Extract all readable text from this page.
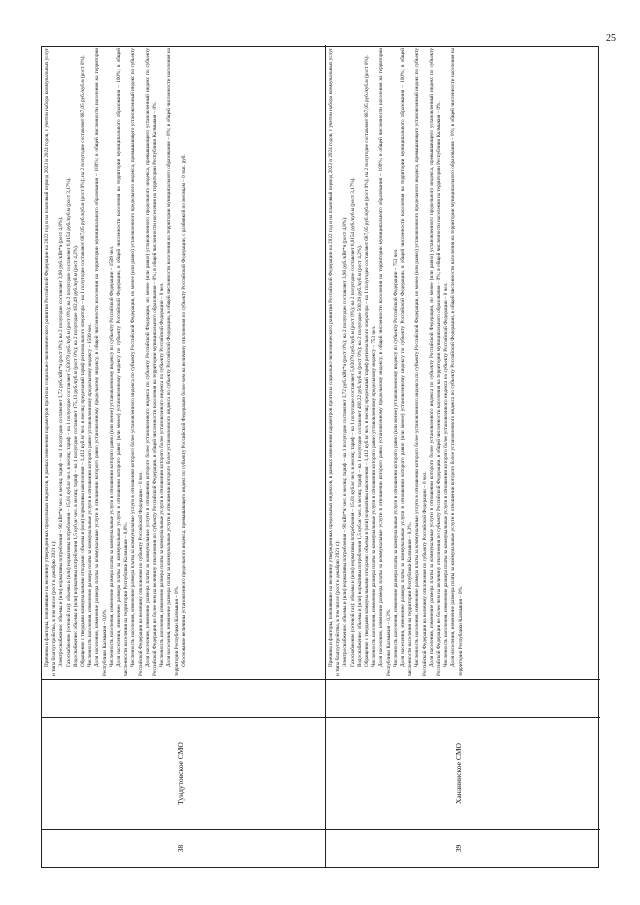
25
38
Тундутовское СМО

Причины и факторы, повлиявшие на величину утвержденных предельных индексов, в рамках изменения параметров прогноза социально-экономического развития Российской Федерации на 2022 год и на плановый период 2023 и 2024 годов, с учетом набора коммунальных услуг и типа благоустройства, в том числе (рост к декабрю 2021 г.): Электроснабжение: объемы и (или) нормативы потребления – 90 кВт*ч/ чел. в месяц; тариф – на 1 полугодие составляет 3,72 руб./кВт*ч (рост 0%); на 2 полугодие составляет 3,90 руб./кВт*ч (рост 4,8%). Газоснабжение (сетевой газ): объемы и (или) нормативы потребления – 15,01 куб.м/ чел. в месяц; тариф – на 1 полугодие составляет 5,83079 руб./куб.м (рост 0%); на 2 полугодие составляет 6,0154 руб./куб.м (рост 3,17%). Водоснабжение: объемы и (или) нормативы потребления 1,5 куб.м/ чел. в месяц; тариф – на 1 полугодие составляет 175,13 руб./куб.м (рост 0%); на 2 полугодие 182,49 руб./куб.м (рост 4,2%). Обращение с твердыми коммунальными отходами: объемы и (или) нормативы накопления – 1,412 куб.м/ чел. в месяц; предельный тариф регионального оператора – на 1 полугодие составляет 687,05 руб./куб.м (рост 0%); на 2 полугодие составляет 687,05 руб./куб.м (рост 0%). Численность населения, изменение размера платы за коммунальные услуги в отношении которого равно установленному предельному индексу – 1509 чел. Доля населения, изменение размера платы за коммунальные услуги в отношении которого равно установленному предельному индексу, в общей численности населения на территории муниципального образования – 100%; в общей численности населения на территории Республики Калмыкия – 0,6%. Численность населения, изменение размера платы за коммунальные услуги в отношении которого равно (или менее) установленному индексу по субъекту Российской Федерации – 1509 чел. Доля населения, изменение размера платы за коммунальные услуги в отношении которого равно (или менее) установленному индексу по субъекту Российской Федерации, в общей численности населения на территории муниципального образования – 100%; в общей численности населения на территории Республики Калмыкия – 0,6%. Численность населения, изменение размера платы за коммунальные услуги в отношении которого более установленного индекса по субъекту Российской Федерации, но менее (или равно) установленного предельного индекса, превышающего установленный индекс по субъекту Российской Федерации на величину отклонения по субъекту Российской Федерации – 0 чел. Доля населения, изменение размера платы за коммунальные услуги в отношении которого более установленного индекса по субъекту Российской Федерации, но менее (или равно) установленного предельного индекса, превышающего установленный индекс по субъекту Российской Федерации не более чем на величину отклонения по субъекту Российской Федерации, в общей численности населения на территории муниципального образования – 0%; в общей численности населения на территории Республики Калмыкия – 0%. Численность населения, изменение размера платы за коммунальные услуги в отношении которого более установленного индекса по субъекту Российской Федерации – 0 чел. Доля населения, изменение размера платы за коммунальные услуги в отношении которого более установленного индекса по субъекту Российской Федерации, в общей численности населения на территории муниципального образования – 0%; в общей численности населения на территории Республики Калмыкия – 0%. Обоснование величины установленного предельного индекса, превышающего индекс по субъекту Российской Федерации более чем на величину отклонения по субъекту Российской Федерации, с разбивкой по месяцам – 0 тыс. руб.

39
Хананинское СМО

Причины и факторы, повлиявшие на величину утвержденных предельных индексов, в рамках изменения параметров прогноза социально-экономического развития Российской Федерации на 2022 год и на плановый период 2023 и 2024 годов, с учетом набора коммунальных услуг и типа благоустройства, в том числе (рост к декабрю 2021 г.): Электроснабжение: объемы и (или) нормативы потребления – 90 кВт*ч/ чел. в месяц; тариф – на 1 полугодие составляет 3,72 руб./кВт*ч (рост 0%); на 2 полугодие составляет 3,90 руб./кВт*ч (рост 4,8%). Газоснабжение (сетевой газ): объемы и (или) нормативы потребления – 15,01 куб.м/ чел. в месяц; тариф – на 1 полугодие составляет 5,83079 руб./куб.м (рост 0%); на 2 полугодие составляет 6,0154 руб./куб.м (рост 3,17%). Водоснабжение: объемы и (или) нормативы потребления 1,5 куб.м/ чел. в месяц; тариф – на 1 полугодие составляет 480,22 руб./куб.м (рост 0%); на 2 полугодие 500,39 руб./куб.м (рост 4,2%). Обращение с твердыми коммунальными отходами: объемы и (или) нормативы накопления – 1,412 куб.м/ чел. в месяц; предельный тариф регионального оператора – на 1 полугодие составляет 687,05 руб./куб.м (рост 0%); на 2 полугодие составляет 687,05 руб./куб.м (рост 0%). Численность населения, изменение размера платы за коммунальные услуги в отношении которого равно установленному предельному индексу – 753 чел. Доля населения, изменение размера платы за коммунальные услуги в отношении которого равно установленному предельному индексу, в общей численности населения на территории муниципального образования – 100%; в общей численности населения на территории Республики Калмыкия – 0,3%. Численность населения, изменение размера платы за коммунальные услуги в отношении которого равно (или менее) установленному индексу по субъекту Российской Федерации – 753 чел. Доля населения, изменение размера платы за коммунальные услуги в отношении которого равно (или менее) установленному индексу по субъекту Российской Федерации, в общей численности населения на территории муниципального образования – 100%; в общей численности населения на территории Республики Калмыкия – 0,3%. Численность населения, изменение размера платы за коммунальные услуги в отношении которого более установленного индекса по субъекту Российской Федерации, но менее (или равно) установленного предельного индекса, превышающего установленный индекс по субъекту Российской Федерации на величину отклонения по субъекту Российской Федерации – 0 чел. Доля населения, изменение размера платы за коммунальные услуги в отношении которого более установленного индекса по субъекту Российской Федерации, но менее (или равно) установленного предельного индекса, превышающего установленный индекс по субъекту Российской Федерации не более чем на величину отклонения по субъекту Российской Федерации, в общей численности населения на территории муниципального образования – 0%; в общей численности населения на территории Республики Калмыкия – 0%. Численность населения, изменение размера платы за коммунальные услуги в отношении которого более установленного индекса по субъекту Российской Федерации – 0 чел. Доля населения, изменение размера платы за коммунальные услуги в отношении которого более установленного индекса по субъекту Российской Федерации, в общей численности населения на территории муниципального образования – 0%; в общей численности населения на территории Республики Калмыкия – 0%.
